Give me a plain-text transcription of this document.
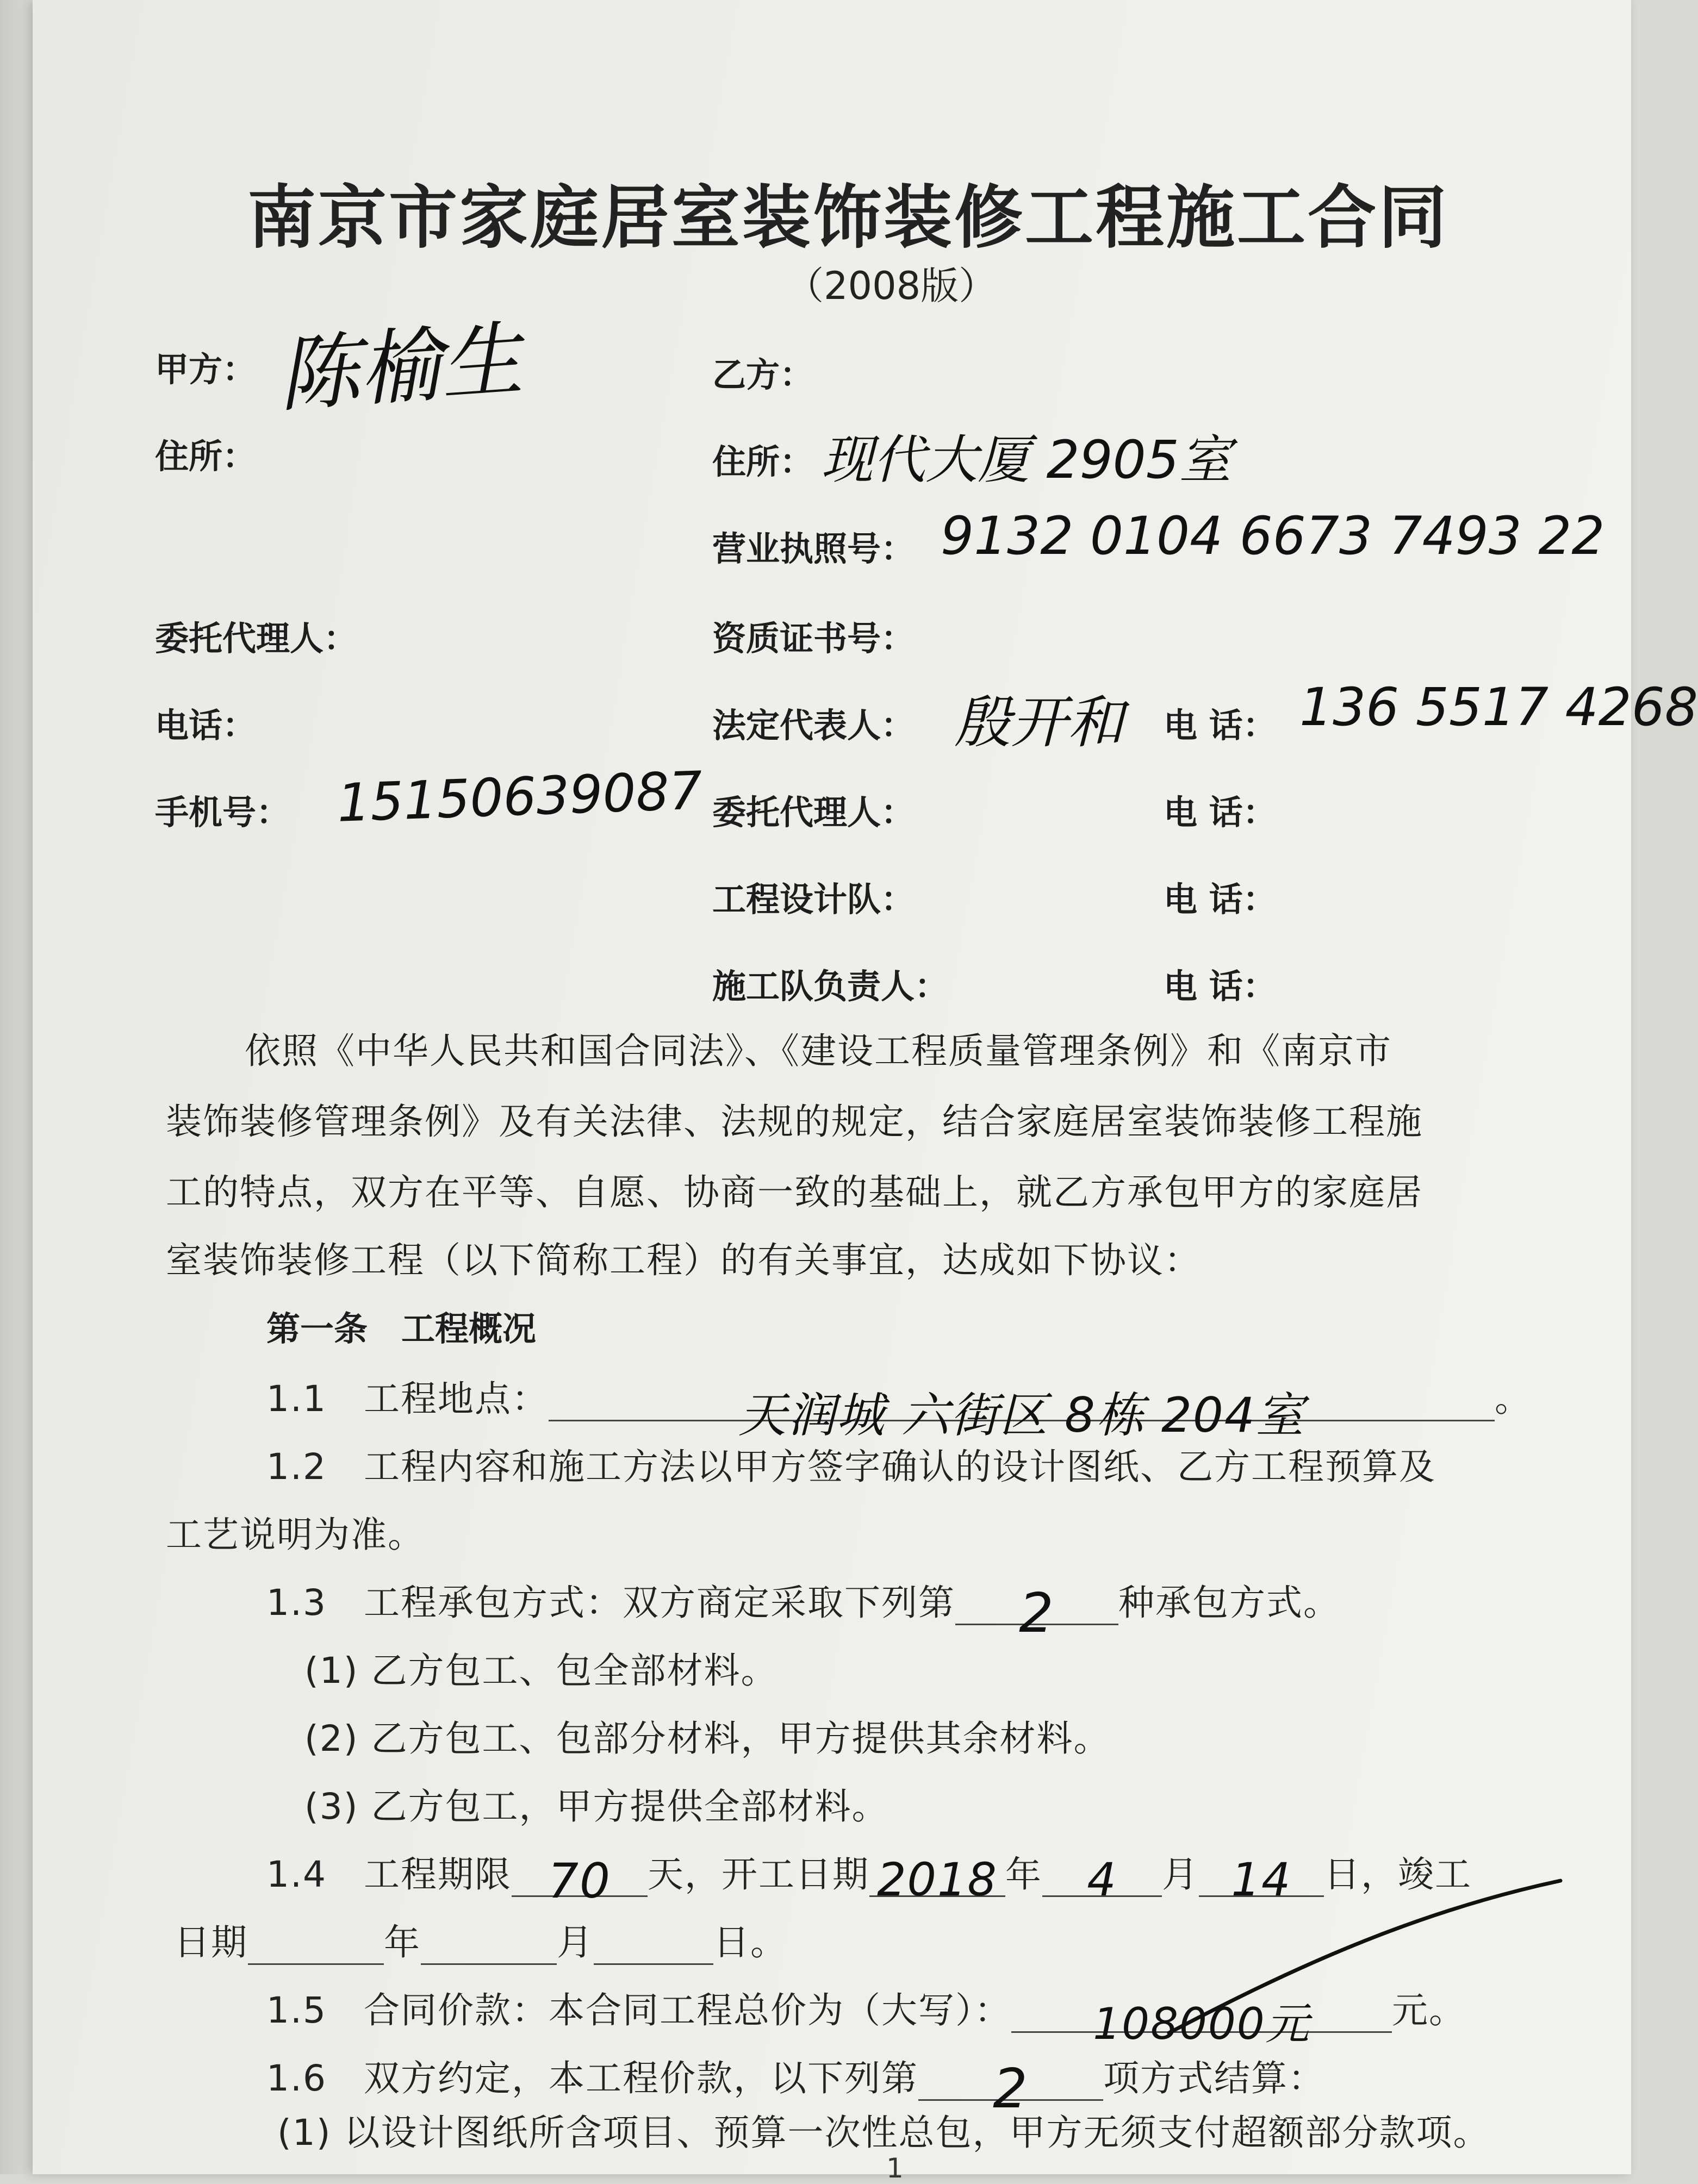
南京市家庭居室装饰装修工程施工合同
（2008版）
甲方： 陈榆生
住所：
委托代理人：
电话：
手机号： 15150639087
乙方：
住所： 现代大厦 2905室
营业执照号： 9132 0104 6673 7493 22
资质证书号：
法定代表人： 殷开和 电 话： 136 5517 4268
委托代理人：	电 话：
工程设计队：	电 话：
施工队负责人：	电 话：
依照《中华人民共和国合同法》、《建设工程质量管理条例》和《南京市
装饰装修管理条例》及有关法律、法规的规定，结合家庭居室装饰装修工程施
工的特点，双方在平等、自愿、协商一致的基础上，就乙方承包甲方的家庭居
室装饰装修工程（以下简称工程）的有关事宜，达成如下协议：
第一条　工程概况
1.1　工程地点：	天润城 六街区 8栋 204室	。
1.2　工程内容和施工方法以甲方签字确认的设计图纸、乙方工程预算及
工艺说明为准。
1.3　工程承包方式：双方商定采取下列第 2 种承包方式。
(1) 乙方包工、包全部材料。
(2) 乙方包工、包部分材料，甲方提供其余材料。
(3) 乙方包工，甲方提供全部材料。
1.4　工程期限 70 天，开工日期 2018 年 4 月 14 日，竣工
日期	年	月	日。
1.5　合同价款：本合同工程总价为（大写）： 108000元 元。
1.6　双方约定，本工程价款，以下列第 2 项方式结算：
(1) 以设计图纸所含项目、预算一次性总包，甲方无须支付超额部分款项。
1
